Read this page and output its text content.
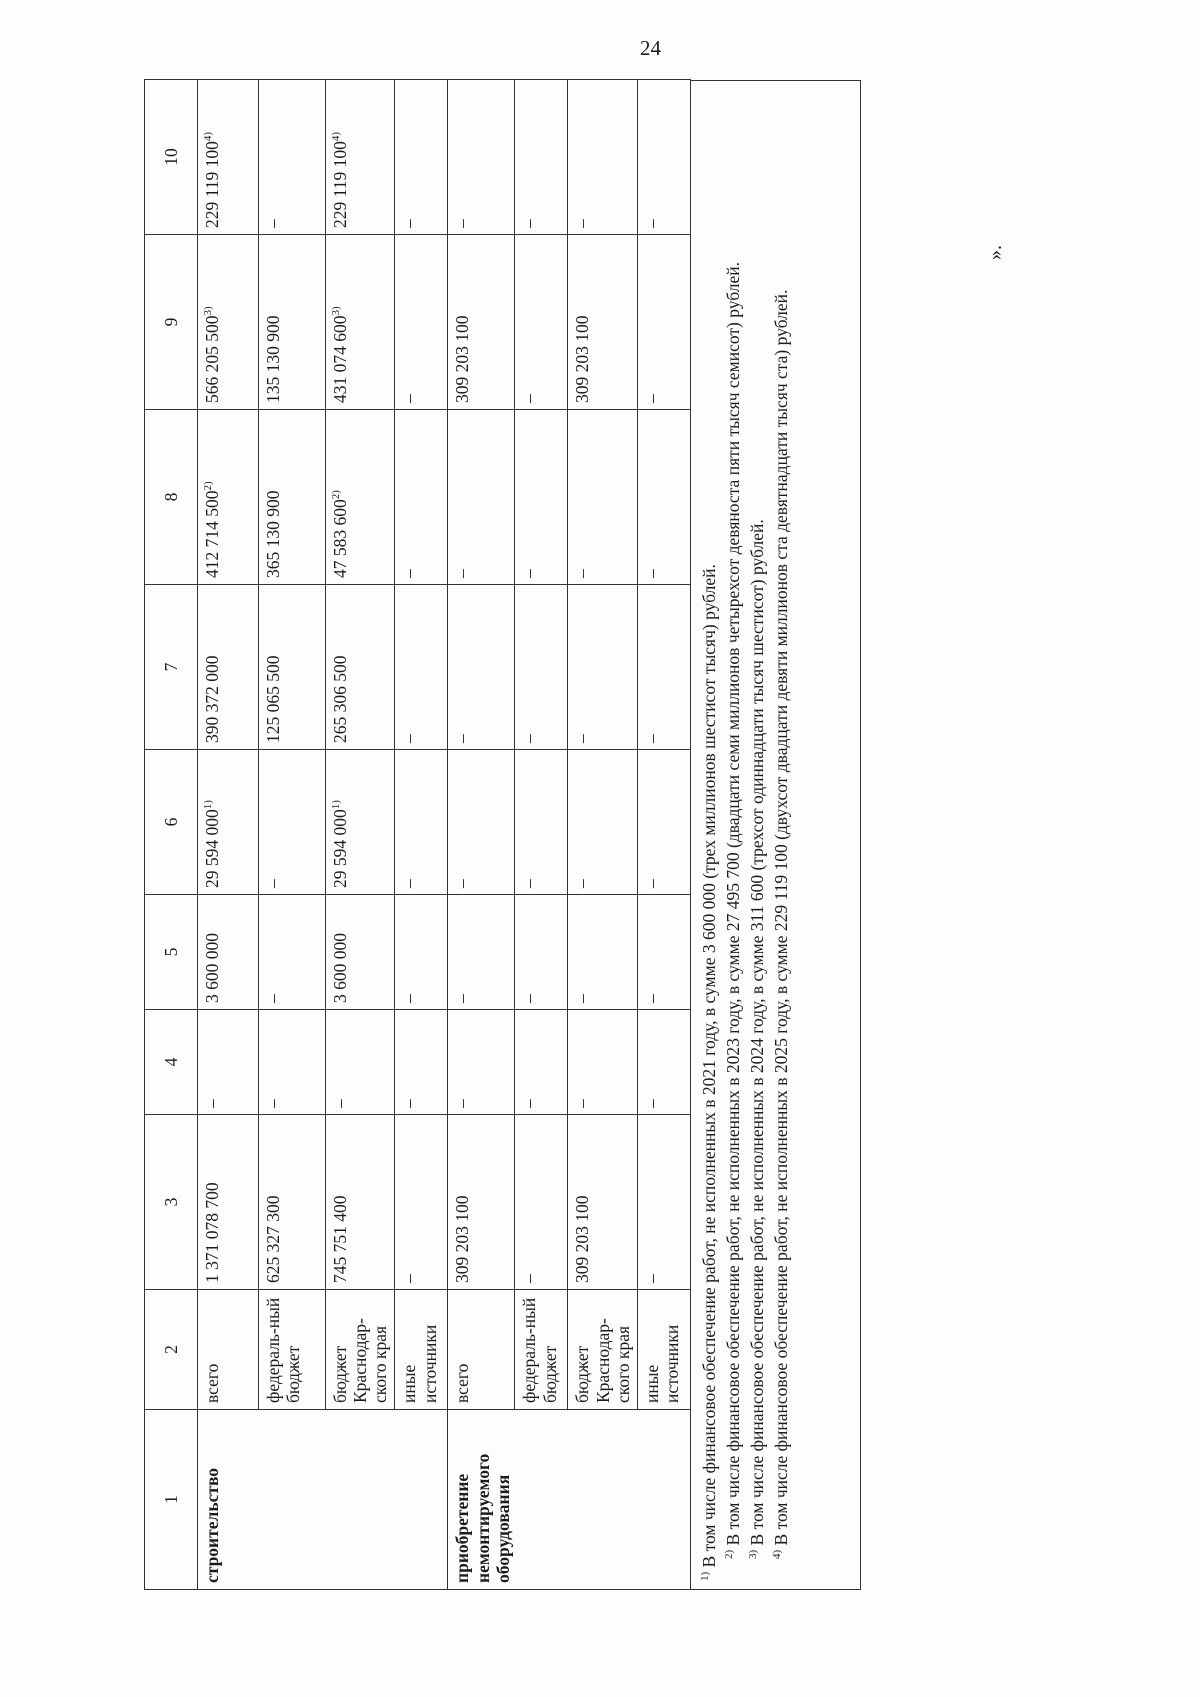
24
1	2	3	4	5	6	7	8	9	10
строительство	всего	1 371 078 700	–	3 600 000	29 594 000$^{1)}$	390 372 000	412 714 500$^{2)}$	566 205 500$^{3)}$	229 119 100$^{4)}$
	федераль-ный бюджет	625 327 300	–	–	–	125 065 500	365 130 900	135 130 900	–
	бюджет Краснодар-ского края	745 751 400	–	3 600 000	29 594 000$^{1)}$	265 306 500	47 583 600$^{2)}$	431 074 600$^{3)}$	229 119 100$^{4)}$
	иные источники	–	–	–	–	–	–	–	–
приобретение немонтируемого оборудования	всего	309 203 100	–	–	–	–	–	309 203 100	–
	федераль-ный бюджет	–	–	–	–	–	–	–	–
	бюджет Краснодар-ского края	309 203 100	–	–	–	–	–	309 203 100	–
	иные источники	–	–	–	–	–	–	–	–

$^{1)}$ В том числе финансовое обеспечение работ, не исполненных в 2021 году, в сумме 3 600 000 (трех миллионов шестисот тысяч) рублей. $^{2)}$ В том числе финансовое обеспечение работ, не исполненных в 2023 году, в сумме 27 495 700 (двадцати семи миллионов четырехсот девяноста пяти тысяч семисот) рублей.

$^{3)}$ В том числе финансовое обеспечение работ, не исполненных в 2024 году, в сумме 311 600 (трехсот одиннадцати тысяч шестисот) рублей.

$^{4)}$ В том числе финансовое обеспечение работ, не исполненных в 2025 году, в сумме 229 119 100 (двухсот двадцати девяти миллионов ста девятнадцати тысяч ста) рублей.

».
